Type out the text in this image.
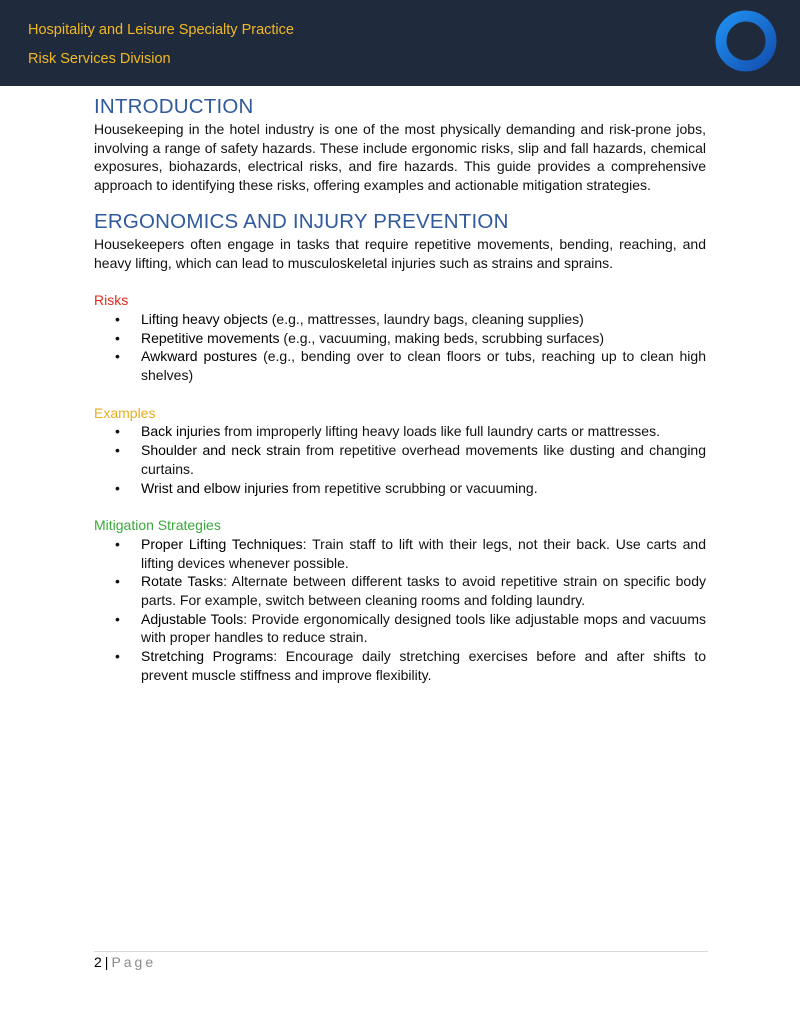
Hospitality and Leisure Specialty Practice
Risk Services Division
INTRODUCTION

Housekeeping in the hotel industry is one of the most physically demanding and risk-prone jobs, involving a range of safety hazards. These include ergonomic risks, slip and fall hazards, chemical exposures, biohazards, electrical risks, and fire hazards. This guide provides a comprehensive approach to identifying these risks, offering examples and actionable mitigation strategies.

ERGONOMICS AND INJURY PREVENTION

Housekeepers often engage in tasks that require repetitive movements, bending, reaching, and heavy lifting, which can lead to musculoskeletal injuries such as strains and sprains.

Risks
• Lifting heavy objects (e.g., mattresses, laundry bags, cleaning supplies)
• Repetitive movements (e.g., vacuuming, making beds, scrubbing surfaces)
• Awkward postures (e.g., bending over to clean floors or tubs, reaching up to clean high shelves)
Examples
• Back injuries from improperly lifting heavy loads like full laundry carts or mattresses.
• Shoulder and neck strain from repetitive overhead movements like dusting and changing curtains.
• Wrist and elbow injuries from repetitive scrubbing or vacuuming.
Mitigation Strategies
• Proper Lifting Techniques: Train staff to lift with their legs, not their back. Use carts and lifting devices whenever possible.
• Rotate Tasks: Alternate between different tasks to avoid repetitive strain on specific body parts. For example, switch between cleaning rooms and folding laundry.
• Adjustable Tools: Provide ergonomically designed tools like adjustable mops and vacuums with proper handles to reduce strain.
• Stretching Programs: Encourage daily stretching exercises before and after shifts to prevent muscle stiffness and improve flexibility.
2 | Page
